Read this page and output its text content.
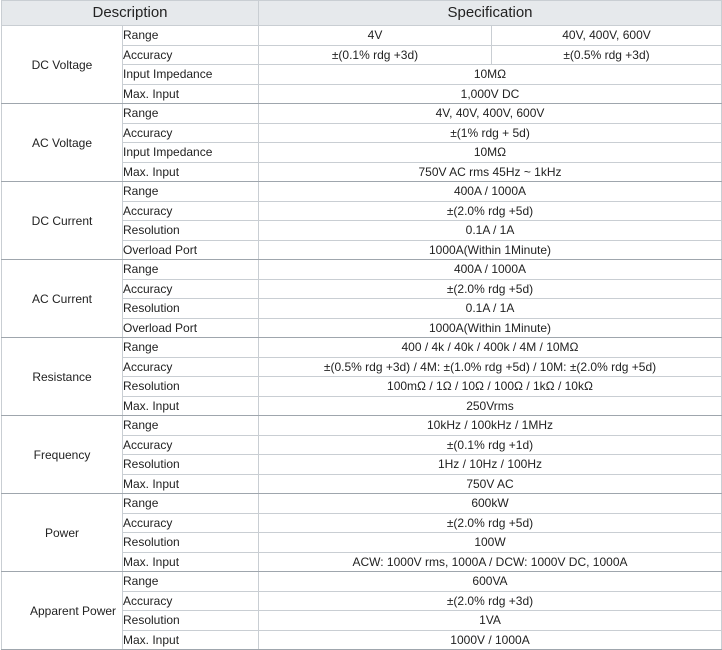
Description		Specification	
DC Voltage	Range	4V	40V, 400V, 600V
	Accuracy	±(0.1% rdg +3d)	±(0.5% rdg +3d)
	Input Impedance	10MΩ	
	Max. Input	1,000V DC	
AC Voltage	Range	4V, 40V, 400V, 600V	
	Accuracy	±(1% rdg + 5d)	
	Input Impedance	10MΩ	
	Max. Input	750V AC rms 45Hz ~ 1kHz	
DC Current	Range	400A / 1000A	
	Accuracy	±(2.0% rdg +5d)	
	Resolution	0.1A / 1A	
	Overload Port	1000A(Within 1Minute)	
AC Current	Range	400A / 1000A	
	Accuracy	±(2.0% rdg +5d)	
	Resolution	0.1A / 1A	
	Overload Port	1000A(Within 1Minute)	
Resistance	Range	400 / 4k / 40k / 400k / 4M / 10MΩ	
	Accuracy	±(0.5% rdg +3d) / 4M: ±(1.0% rdg +5d) / 10M: ±(2.0% rdg +5d)	
	Resolution	100mΩ / 1Ω / 10Ω / 100Ω / 1kΩ / 10kΩ	
	Max. Input	250Vrms	
Frequency	Range	10kHz / 100kHz / 1MHz	
	Accuracy	±(0.1% rdg +1d)	
	Resolution	1Hz / 10Hz / 100Hz	
	Max. Input	750V AC	
Power	Range	600kW	
	Accuracy	±(2.0% rdg +5d)	
	Resolution	100W	
	Max. Input	ACW: 1000V rms, 1000A / DCW: 1000V DC, 1000A	
Apparent Power	Range	600VA	
	Accuracy	±(2.0% rdg +3d)	
	Resolution	1VA	
	Max. Input	1000V / 1000A	
